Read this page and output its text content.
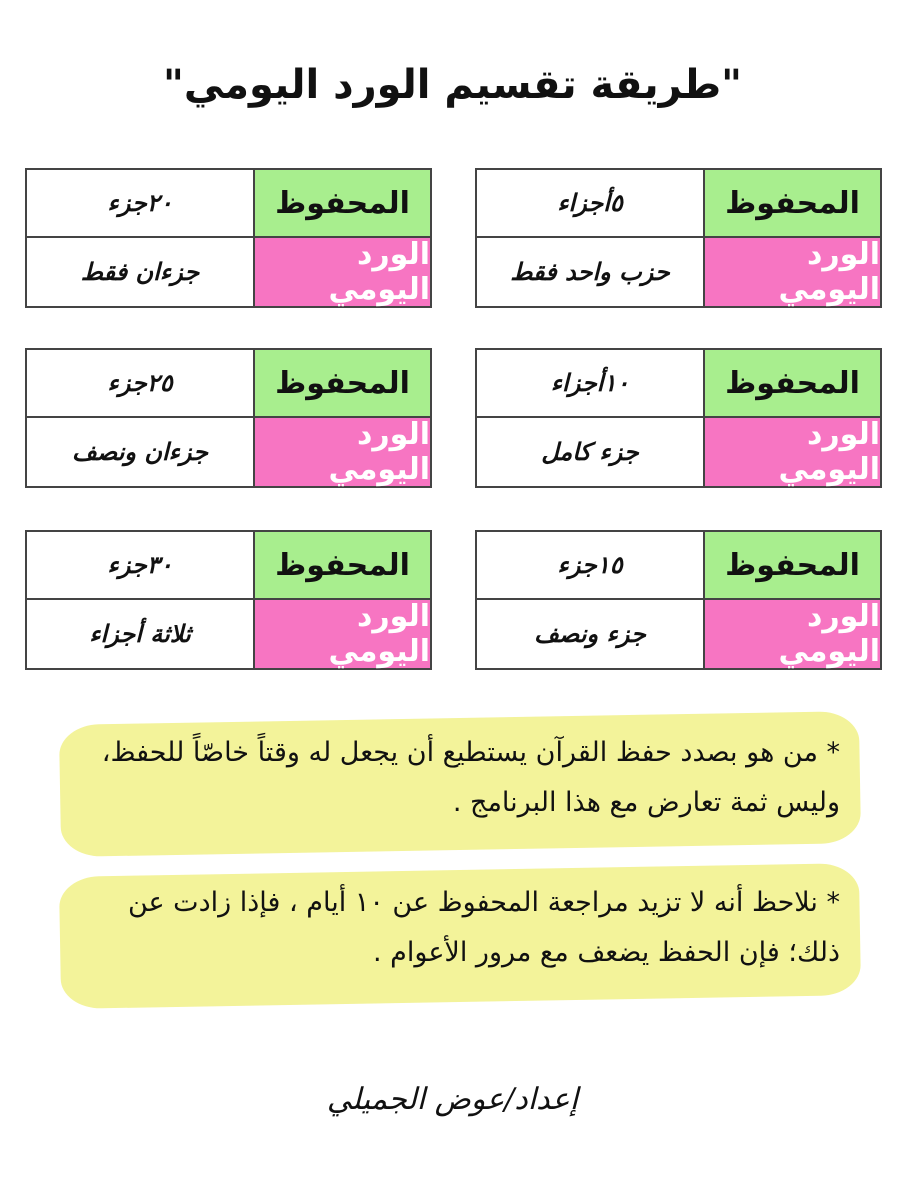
"طريقة تقسيم الورد اليومي"
المحفوظ
٥أجزاء
الورد اليومي
حزب واحد فقط
المحفوظ
١٠أجزاء
الورد اليومي
جزء كامل
المحفوظ
١٥جزء
الورد اليومي
جزء ونصف
المحفوظ
٢٠جزء
الورد اليومي
جزءان فقط
المحفوظ
٢٥جزء
الورد اليومي
جزءان ونصف
المحفوظ
٣٠جزء
الورد اليومي
ثلاثة أجزاء
* من هو بصدد حفظ القرآن يستطيع أن يجعل له وقتاً خاصّاً للحفظ، وليس ثمة تعارض مع هذا البرنامج .
* نلاحظ أنه لا تزيد مراجعة المحفوظ عن ١٠ أيام ، فإذا زادت عن ذلك؛ فإن الحفظ يضعف مع مرور الأعوام .
إعداد/عوض الجميلي
